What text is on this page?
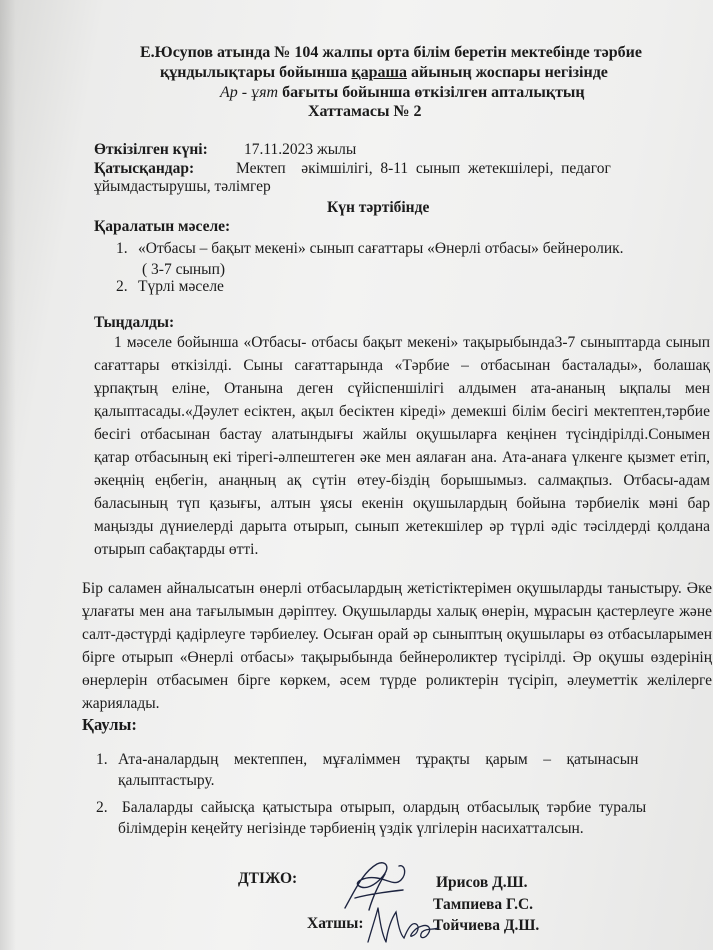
Е.Юсупов атында № 104 жалпы орта білім беретін мектебінде тәрбие
құндылықтары бойынша қараша айының жоспары негізінде
Ар - ұят бағыты бойынша өткізілген апталықтың
Хаттамасы № 2
Өткізілген күні: 17.11.2023 жылы
Қатысқандар:	Мектеп    әкімшілігі,  8-11  сынып  жетекшілері,  педагог
ұйымдастырушы, тәлімгер
Күн тәртібінде
Қаралатын мәселе:
1. «Отбасы – бақыт мекені» сынып сағаттары «Өнерлі отбасы» бейнеролик.
( 3-7 сынып)
2. Түрлі мәселе
Тыңдалды:
1 мәселе бойынша «Отбасы- отбасы бақыт мекені» тақырыбында3-7 сыныптарда сынып сағаттары өткізілді. Сыны сағаттарында «Тәрбие – отбасынан басталады», болашақ ұрпақтың еліне, Отанына деген сүйіспеншілігі алдымен ата-ананың ықпалы мен қалыптасады.«Дәулет есіктен, ақыл бесіктен кіреді» демекші білім бесігі мектептен,тәрбие бесігі отбасынан бастау алатындығы жайлы оқушыларға кеңінен түсіндірілді.Сонымен қатар отбасының екі тірегі-әлпештеген әке мен аялаған ана. Ата-анаға үлкенге қызмет етіп, әкеңнің еңбегін, анаңның ақ сүтін өтеу-біздің борышымыз. салмақпыз. Отбасы-адам баласының түп қазығы, алтын ұясы екенін оқушылардың бойына тәрбиелік мәні бар маңызды дүниелерді дарыта отырып, сынып жетекшілер әр түрлі әдіс тәсілдерді қолдана отырып сабақтарды өтті.
Бір саламен айналысатын өнерлі отбасылардың жетістіктерімен оқушыларды таныстыру. Әке ұлағаты мен ана тағылымын дәріптеу. Оқушыларды халық өнерін, мұрасын қастерлеуге және салт-дәстүрді қадірлеуге тәрбиелеу. Осыған орай әр сыныптың оқушылары өз отбасыларымен бірге отырып «Өнерлі отбасы» тақырыбында бейнероликтер түсірілді. Әр оқушы өздерінің өнерлерін отбасымен бірге көркем, әсем түрде роликтерін түсіріп, әлеуметтік желілерге жариялады.
Қаулы:
1. Ата-аналардың    мектеппен,    мұғаліммен    тұрақты    қарым    –    қатынасын
қалыптастыру.
2. Балаларды  сайысқа  қатыстыра  отырып,  олардың  отбасылық  тәрбие  туралы
білімдерін кеңейту негізінде тәрбиенің үздік үлгілерін насихатталсын.
ДТІЖО:
Хатшы:
Ирисов Д.Ш.
Тампиева Г.С.
Тойчиева Д.Ш.
